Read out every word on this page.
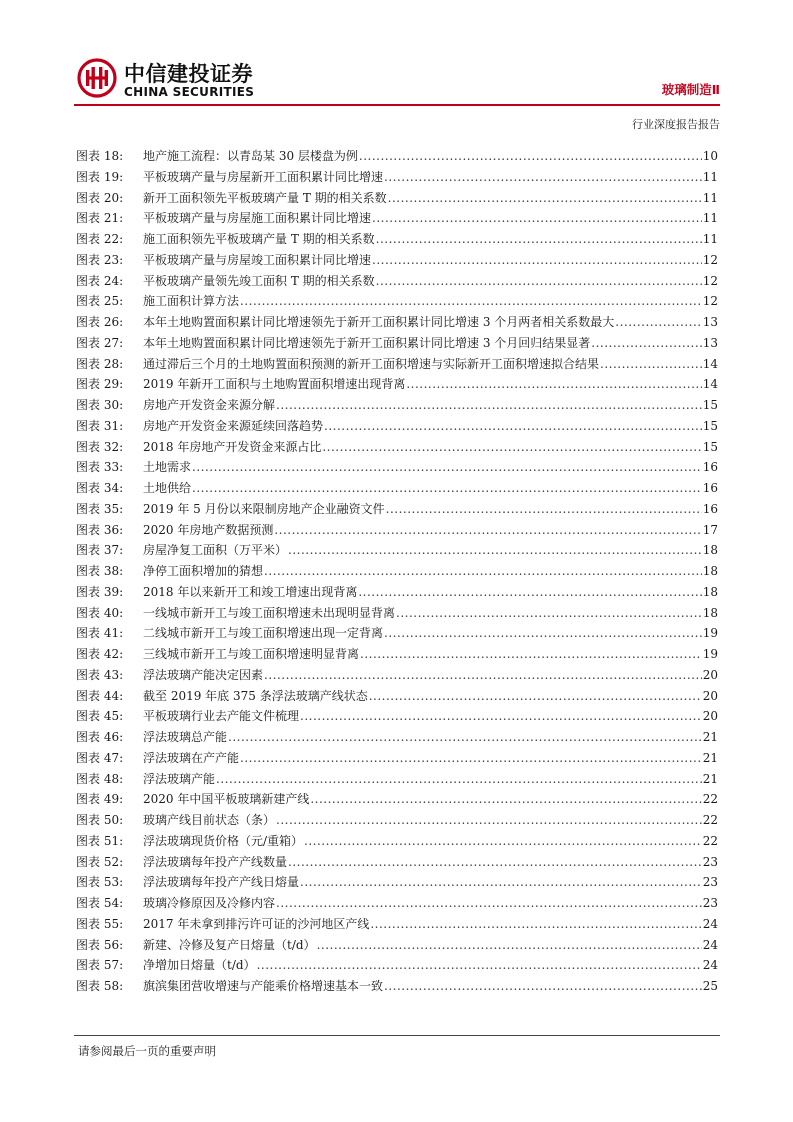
中信建投证券
CHINA SECURITIES	玻璃制造Ⅱ
行业深度报告报告
图表 18:	地产施工流程：以青岛某 30 层楼盘为例 .....	10
图表 19:	平板玻璃产量与房屋新开工面积累计同比增速 .....	11
图表 20:	新开工面积领先平板玻璃产量 T 期的相关系数 .....	11
图表 21:	平板玻璃产量与房屋施工面积累计同比增速 .....	11
图表 22:	施工面积领先平板玻璃产量 T 期的相关系数 .....	11
图表 23:	平板玻璃产量与房屋竣工面积累计同比增速 .....	12
图表 24:	平板玻璃产量领先竣工面积 T 期的相关系数 .....	12
图表 25:	施工面积计算方法 .....	12
图表 26:	本年土地购置面积累计同比增速领先于新开工面积累计同比增速 3 个月两者相关系数最大 .....	13
图表 27:	本年土地购置面积累计同比增速领先于新开工面积累计同比增速 3 个月回归结果显著 .....	13
图表 28:	通过滞后三个月的土地购置面积预测的新开工面积增速与实际新开工面积增速拟合结果 .....	14
图表 29:	2019 年新开工面积与土地购置面积增速出现背离 .....	14
图表 30:	房地产开发资金来源分解 .....	15
图表 31:	房地产开发资金来源延续回落趋势 .....	15
图表 32:	2018 年房地产开发资金来源占比 .....	15
图表 33:	土地需求 .....	16
图表 34:	土地供给 .....	16
图表 35:	2019 年 5 月份以来限制房地产企业融资文件 .....	16
图表 36:	2020 年房地产数据预测 .....	17
图表 37:	房屋净复工面积（万平米） .....	18
图表 38:	净停工面积增加的猜想 .....	18
图表 39:	2018 年以来新开工和竣工增速出现背离 .....	18
图表 40:	一线城市新开工与竣工面积增速未出现明显背离 .....	18
图表 41:	二线城市新开工与竣工面积增速出现一定背离 .....	19
图表 42:	三线城市新开工与竣工面积增速明显背离 .....	19
图表 43:	浮法玻璃产能决定因素 .....	20
图表 44:	截至 2019 年底 375 条浮法玻璃产线状态 .....	20
图表 45:	平板玻璃行业去产能文件梳理 .....	20
图表 46:	浮法玻璃总产能 .....	21
图表 47:	浮法玻璃在产产能 .....	21
图表 48:	浮法玻璃产能 .....	21
图表 49:	2020 年中国平板玻璃新建产线 .....	22
图表 50:	玻璃产线目前状态（条） .....	22
图表 51:	浮法玻璃现货价格（元/重箱） .....	22
图表 52:	浮法玻璃每年投产产线数量 .....	23
图表 53:	浮法玻璃每年投产产线日熔量 .....	23
图表 54:	玻璃冷修原因及冷修内容 .....	23
图表 55:	2017 年未拿到排污许可证的沙河地区产线 .....	24
图表 56:	新建、冷修及复产日熔量（t/d） .....	24
图表 57:	净增加日熔量（t/d） .....	24
图表 58:	旗滨集团营收增速与产能乘价格增速基本一致 .....	25
请参阅最后一页的重要声明
